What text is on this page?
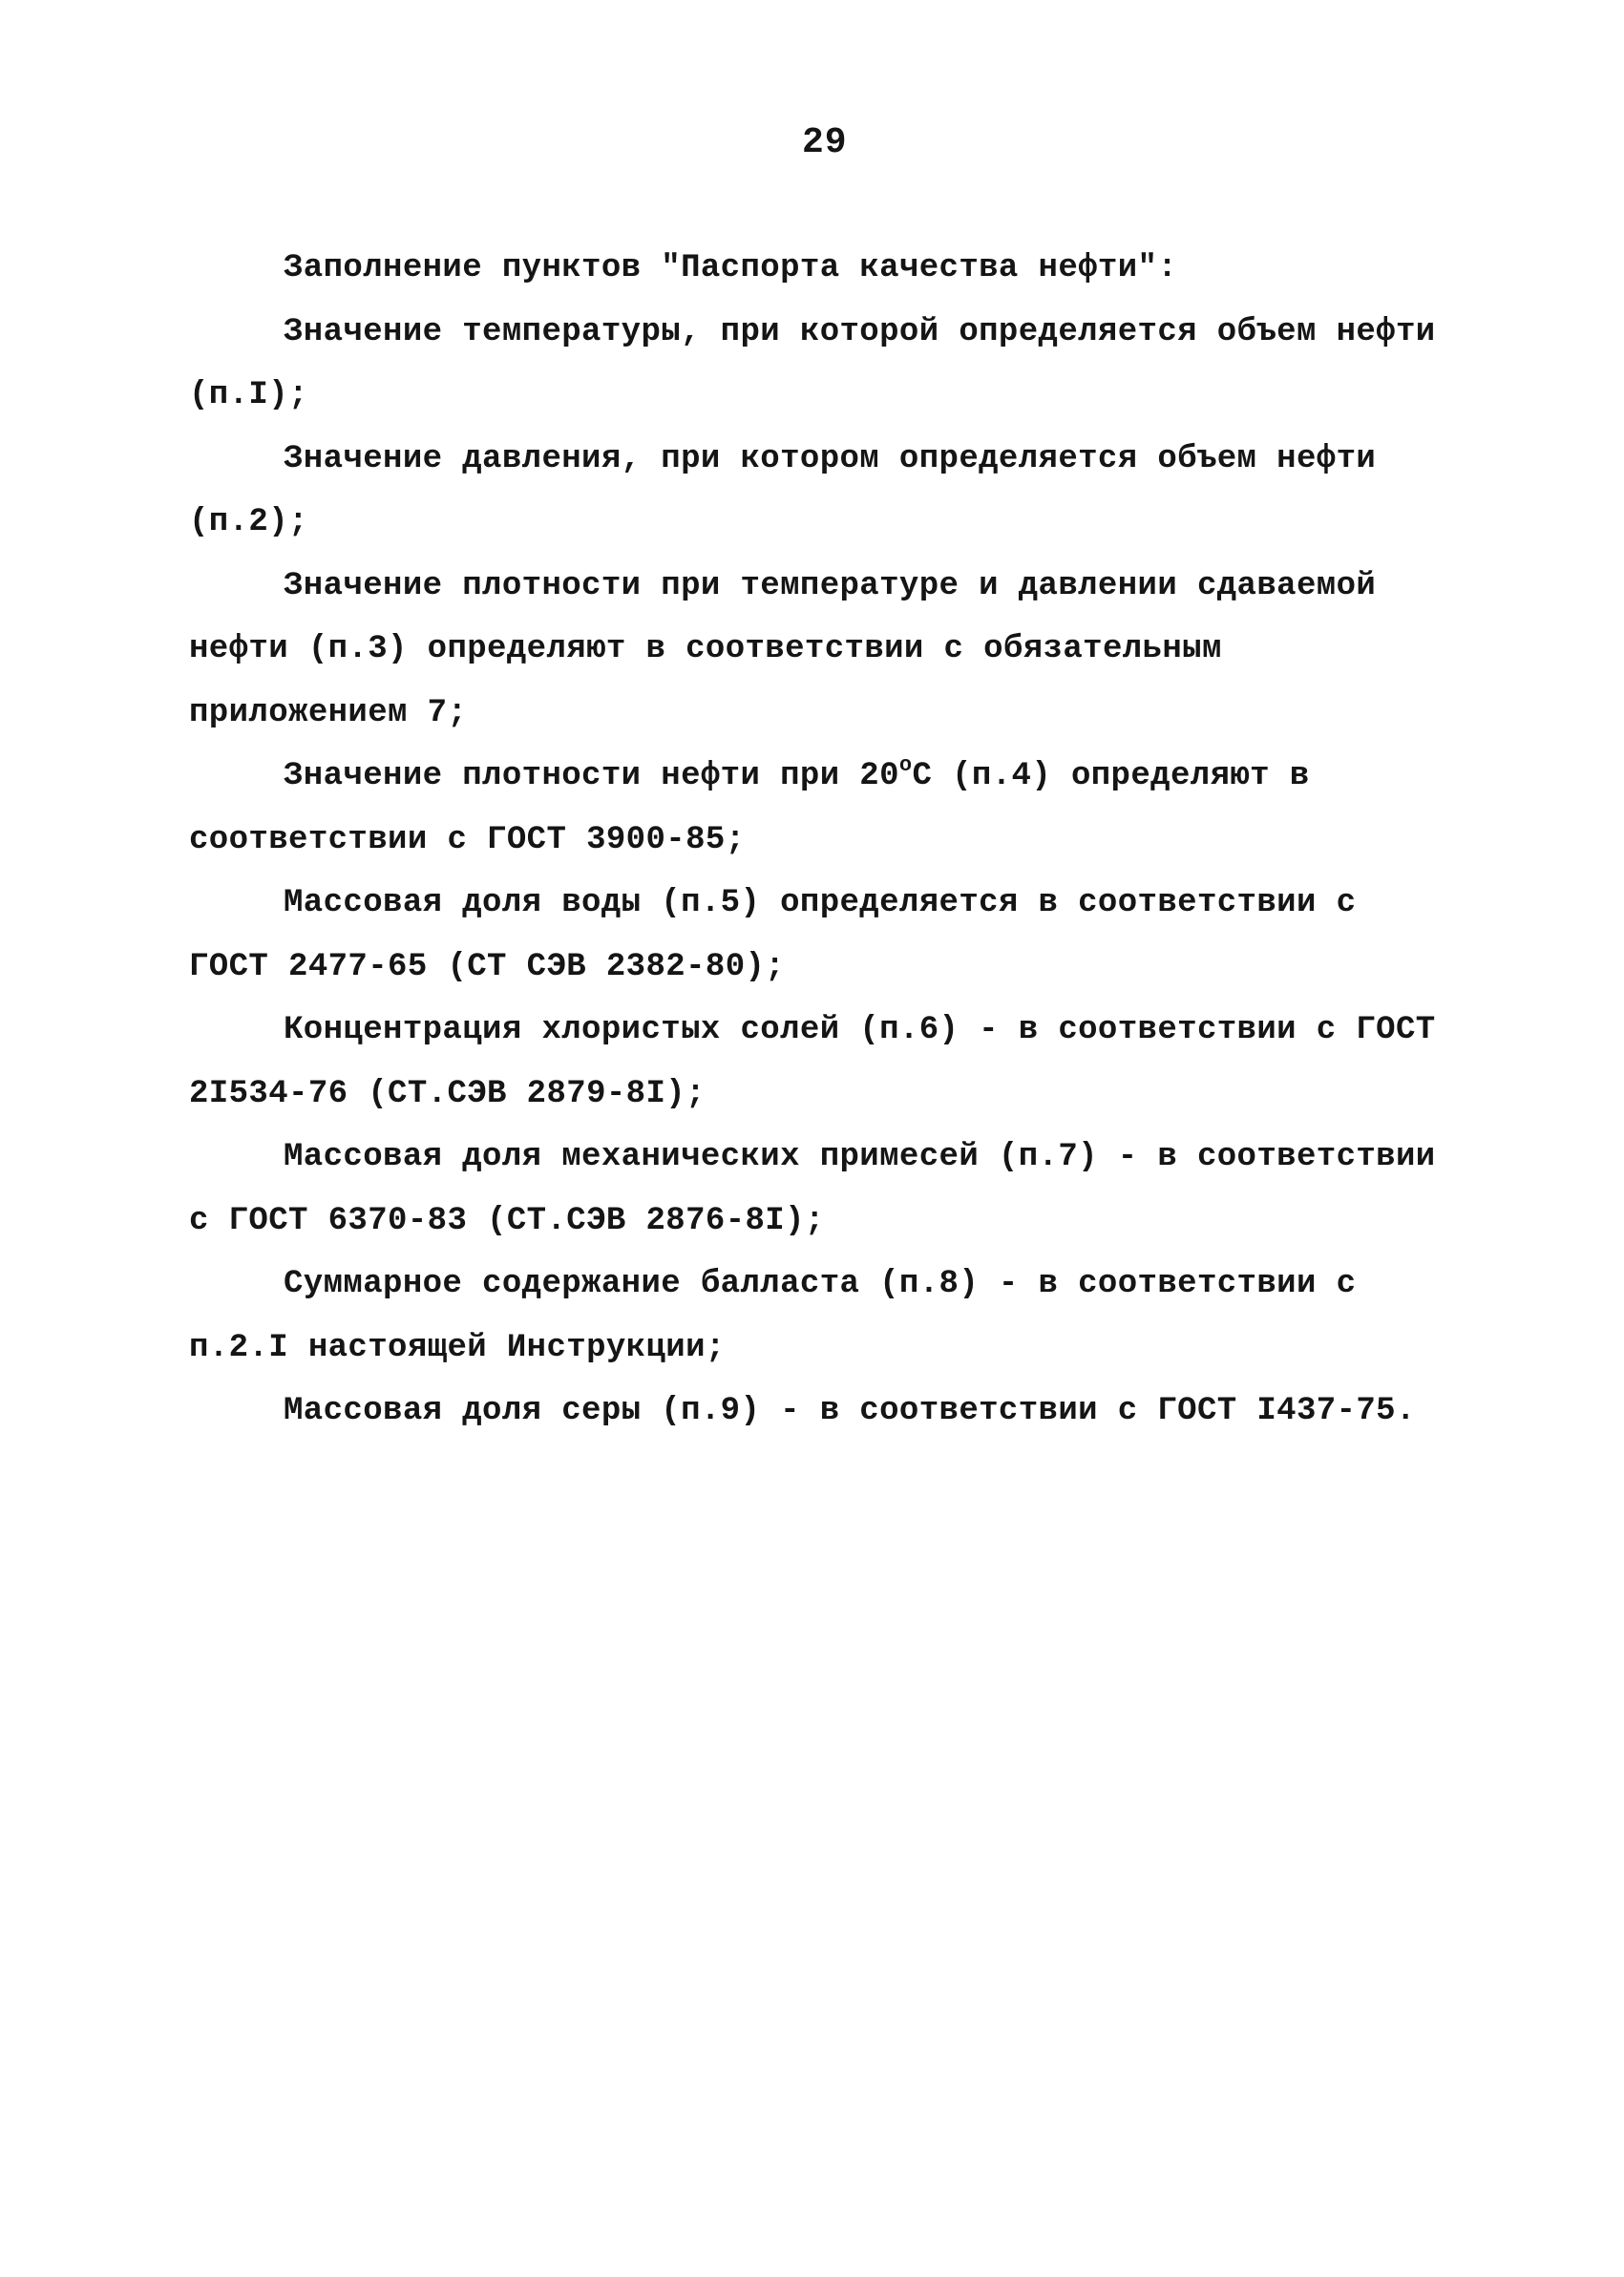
29

Заполнение пунктов "Паспорта качества нефти":

Значение температуры, при которой определяется объем нефти (п.I);

Значение давления, при котором определяется объем нефти (п.2);

Значение плотности при температуре и давлении сдаваемой нефти (п.3) определяют в соответствии с обязательным приложением 7;

Значение плотности нефти при 20$^o$С (п.4) определяют в соответствии с ГОСТ 3900-85;

Массовая доля воды (п.5) определяется в соответствии с ГОСТ 2477-65 (СТ СЭВ 2382-80);

Концентрация хлористых солей (п.6) - в соответствии с ГОСТ 2I534-76 (СТ.СЭВ 2879-8I);

Массовая доля механических примесей (п.7) - в соответствии с ГОСТ 6370-83 (СТ.СЭВ 2876-8I);

Суммарное содержание балласта (п.8) - в соответствии с п.2.I настоящей Инструкции;

Массовая доля серы (п.9) - в соответствии с ГОСТ I437-75.
